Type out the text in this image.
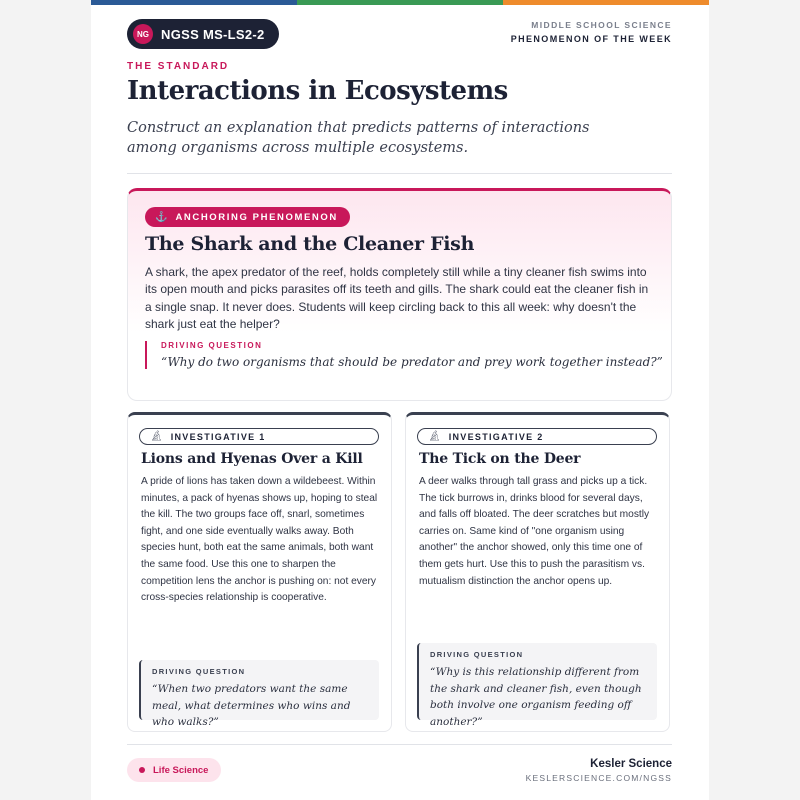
NG NGSS MS-LS2-2
MIDDLE SCHOOL SCIENCE
PHENOMENON OF THE WEEK
THE STANDARD
Interactions in Ecosystems
Construct an explanation that predicts patterns of interactions among organisms across multiple ecosystems.
⚓ ANCHORING PHENOMENON
The Shark and the Cleaner Fish
A shark, the apex predator of the reef, holds completely still while a tiny cleaner fish swims into its open mouth and picks parasites off its teeth and gills. The shark could eat the cleaner fish in a single snap. It never does. Students will keep circling back to this all week: why doesn't the shark just eat the helper?
DRIVING QUESTION
“Why do two organisms that should be predator and prey work together instead?”
🔬︎ INVESTIGATIVE 1
Lions and Hyenas Over a Kill
A pride of lions has taken down a wildebeest. Within minutes, a pack of hyenas shows up, hoping to steal the kill. The two groups face off, snarl, sometimes fight, and one side eventually walks away. Both species hunt, both eat the same animals, both want the same food. Use this one to sharpen the competition lens the anchor is pushing on: not every cross-species relationship is cooperative.
DRIVING QUESTION
“When two predators want the same meal, what determines who wins and who walks?”
🔬︎ INVESTIGATIVE 2
The Tick on the Deer
A deer walks through tall grass and picks up a tick. The tick burrows in, drinks blood for several days, and falls off bloated. The deer scratches but mostly carries on. Same kind of "one organism using another" the anchor showed, only this time one of them gets hurt. Use this to push the parasitism vs. mutualism distinction the anchor opens up.
DRIVING QUESTION
“Why is this relationship different from the shark and cleaner fish, even though both involve one organism feeding off another?”
Life Science	Kesler Science
KESLERSCIENCE.COM/NGSS
